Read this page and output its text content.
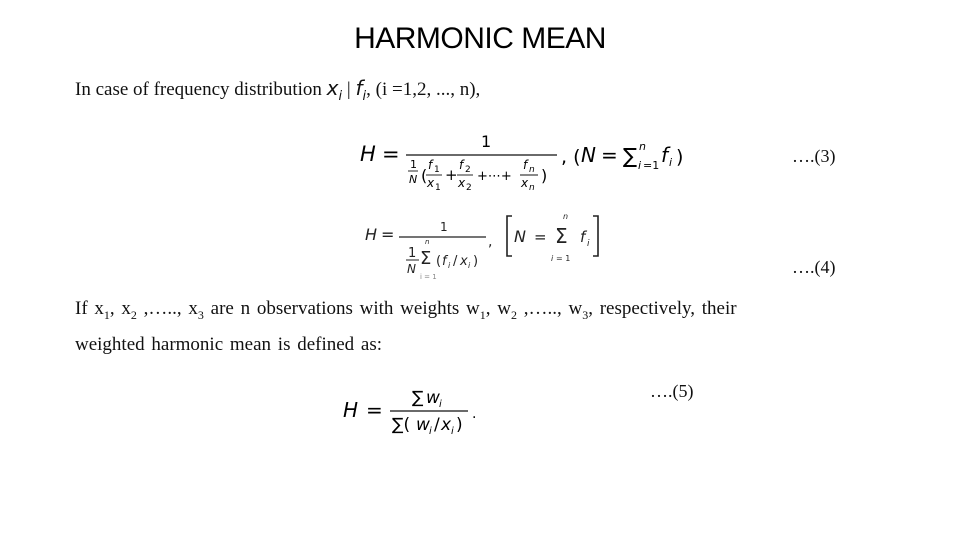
HARMONIC MEAN
In case of frequency distribution $x_i$ | $f_i$, (i =1,2, ..., n),
H =
1
1
N (
f 1
x 1
+
f 2
x 2
+⋯+
f n
x n
)
, ( N = ∑ n
i =1 f i )	….(3)
H =	1
n
1
N Σ
i = 1
( f i / x i )
, N =
n
Σ
i = 1
f i
….(4)
If $x_1$, $x_2$ ,….., $x_3$ are n observations with weights $w_1$, $w_2$ ,….., $w_3$, respectively, their
weighted harmonic mean is defined as:
H = ∑ w i
∑( w i / x i )
.
….(5)
